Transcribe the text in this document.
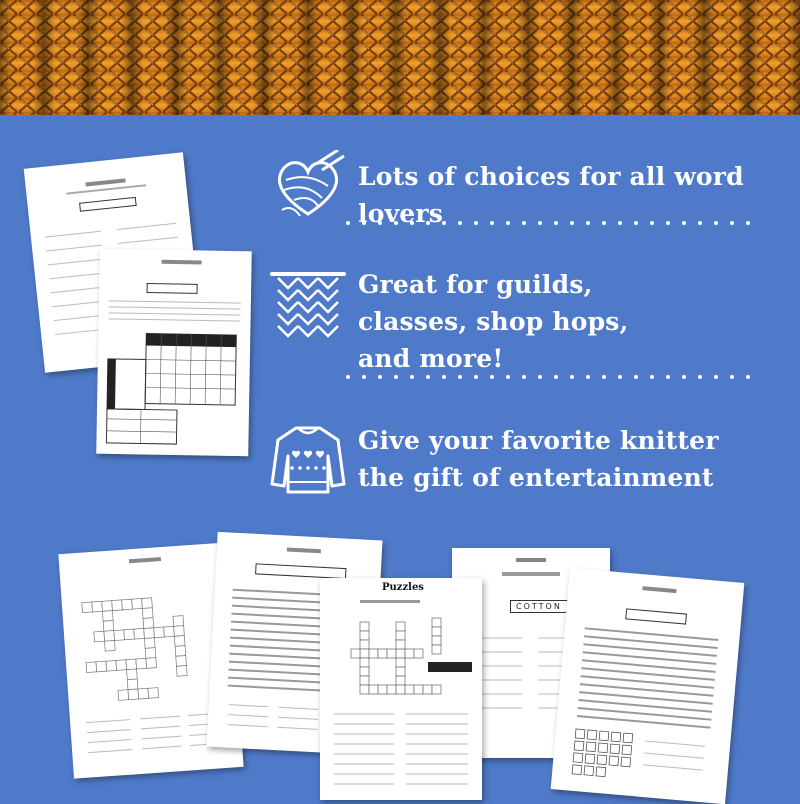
Lots of choices for all word lovers
Great for guilds, classes, shop hops, and more!
Give your favorite knitter the gift of entertainment
COTTON
Puzzles
